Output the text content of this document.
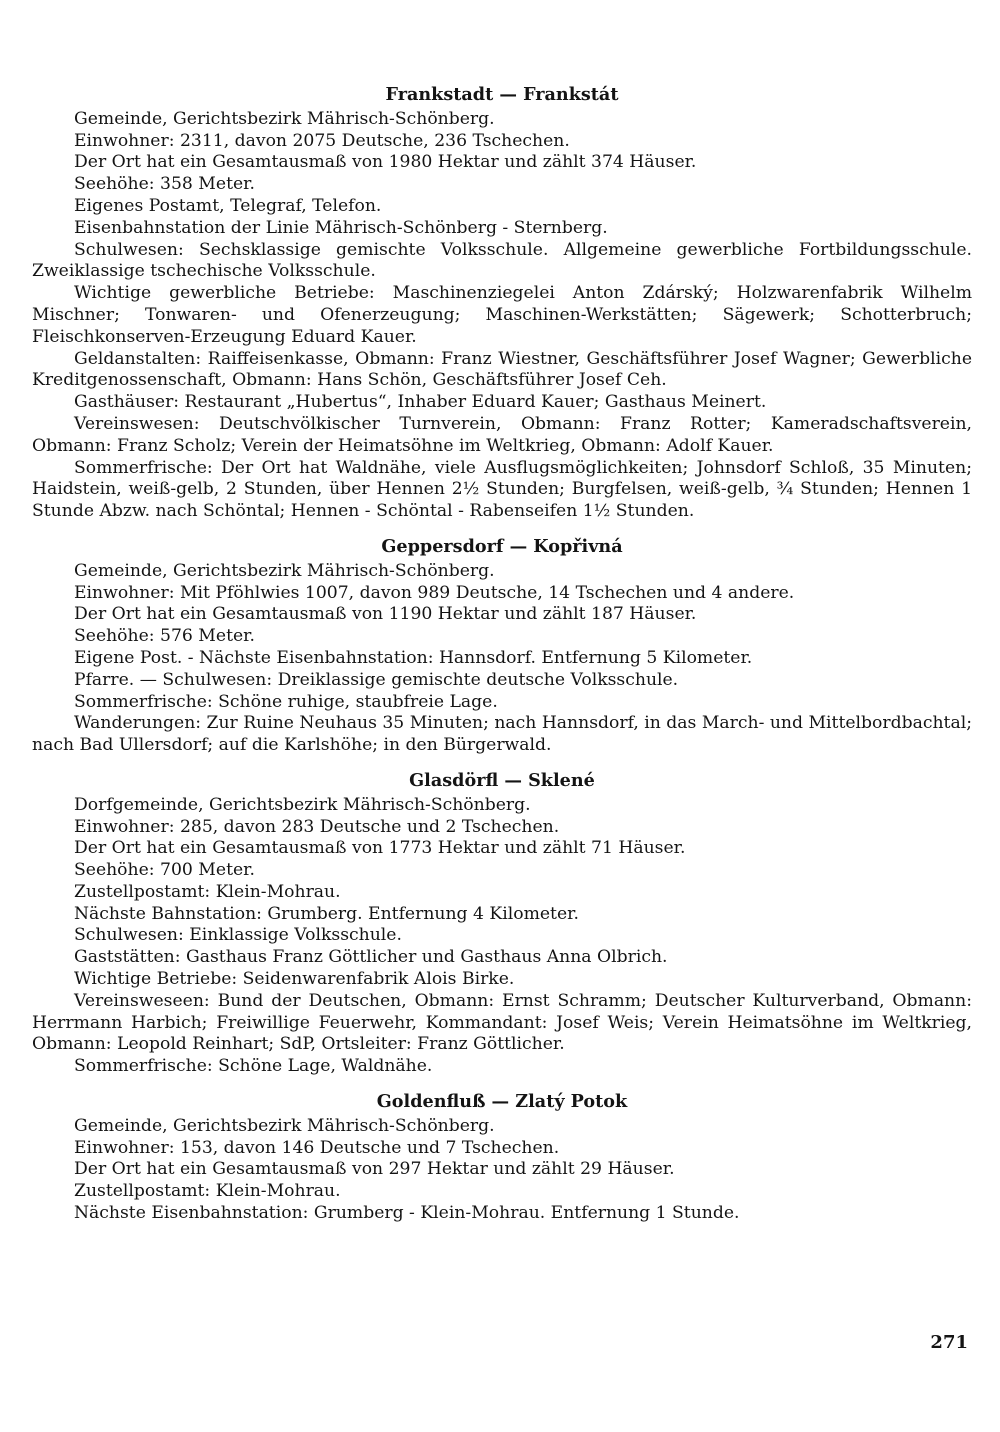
Frankstadt — Frankstát

Gemeinde, Gerichtsbezirk Mährisch-Schönberg.

Einwohner: 2311, davon 2075 Deutsche, 236 Tschechen.

Der Ort hat ein Gesamtausmaß von 1980 Hektar und zählt 374 Häuser.

Seehöhe: 358 Meter.

Eigenes Postamt, Telegraf, Telefon.

Eisenbahnstation der Linie Mährisch-Schönberg - Sternberg.

Schulwesen: Sechsklassige gemischte Volksschule. Allgemeine gewerbliche Fortbildungsschule. Zweiklassige tschechische Volksschule.

Wichtige gewerbliche Betriebe: Maschinenziegelei Anton Zdárský; Holzwarenfabrik Wilhelm Mischner; Tonwaren- und Ofenerzeugung; Maschinen-Werkstätten; Sägewerk; Schotterbruch; Fleischkonserven-Erzeugung Eduard Kauer.

Geldanstalten: Raiffeisenkasse, Obmann: Franz Wiestner, Geschäftsführer Josef Wagner; Gewerbliche Kreditgenossenschaft, Obmann: Hans Schön, Geschäftsführer Josef Ceh.

Gasthäuser: Restaurant „Hubertus“, Inhaber Eduard Kauer; Gasthaus Meinert.

Vereinswesen: Deutschvölkischer Turnverein, Obmann: Franz Rotter; Kameradschaftsverein, Obmann: Franz Scholz; Verein der Heimatsöhne im Weltkrieg, Obmann: Adolf Kauer.

Sommerfrische: Der Ort hat Waldnähe, viele Ausflugsmöglichkeiten; Johnsdorf Schloß, 35 Minuten; Haidstein, weiß-gelb, 2 Stunden, über Hennen 2½ Stunden; Burgfelsen, weiß-gelb, ¾ Stunden; Hennen 1 Stunde Abzw. nach Schöntal; Hennen - Schöntal - Rabenseifen 1½ Stunden.

Geppersdorf — Kopřivná

Gemeinde, Gerichtsbezirk Mährisch-Schönberg.

Einwohner: Mit Pföhlwies 1007, davon 989 Deutsche, 14 Tschechen und 4 andere.

Der Ort hat ein Gesamtausmaß von 1190 Hektar und zählt 187 Häuser.

Seehöhe: 576 Meter.

Eigene Post. - Nächste Eisenbahnstation: Hannsdorf. Entfernung 5 Kilometer.

Pfarre. — Schulwesen: Dreiklassige gemischte deutsche Volksschule.

Sommerfrische: Schöne ruhige, staubfreie Lage.

Wanderungen: Zur Ruine Neuhaus 35 Minuten; nach Hannsdorf, in das March- und Mittelbordbachtal; nach Bad Ullersdorf; auf die Karlshöhe; in den Bürgerwald.

Glasdörfl — Sklené

Dorfgemeinde, Gerichtsbezirk Mährisch-Schönberg.

Einwohner: 285, davon 283 Deutsche und 2 Tschechen.

Der Ort hat ein Gesamtausmaß von 1773 Hektar und zählt 71 Häuser.

Seehöhe: 700 Meter.

Zustellpostamt: Klein-Mohrau.

Nächste Bahnstation: Grumberg. Entfernung 4 Kilometer.

Schulwesen: Einklassige Volksschule.

Gaststätten: Gasthaus Franz Göttlicher und Gasthaus Anna Olbrich.

Wichtige Betriebe: Seidenwarenfabrik Alois Birke.

Vereinsweseen: Bund der Deutschen, Obmann: Ernst Schramm; Deutscher Kulturverband, Obmann: Herrmann Harbich; Freiwillige Feuerwehr, Kommandant: Josef Weis; Verein Heimatsöhne im Weltkrieg, Obmann: Leopold Reinhart; SdP, Ortsleiter: Franz Göttlicher.

Sommerfrische: Schöne Lage, Waldnähe.

Goldenfluß — Zlatý Potok

Gemeinde, Gerichtsbezirk Mährisch-Schönberg.

Einwohner: 153, davon 146 Deutsche und 7 Tschechen.

Der Ort hat ein Gesamtausmaß von 297 Hektar und zählt 29 Häuser.

Zustellpostamt: Klein-Mohrau.

Nächste Eisenbahnstation: Grumberg - Klein-Mohrau. Entfernung 1 Stunde.

271
